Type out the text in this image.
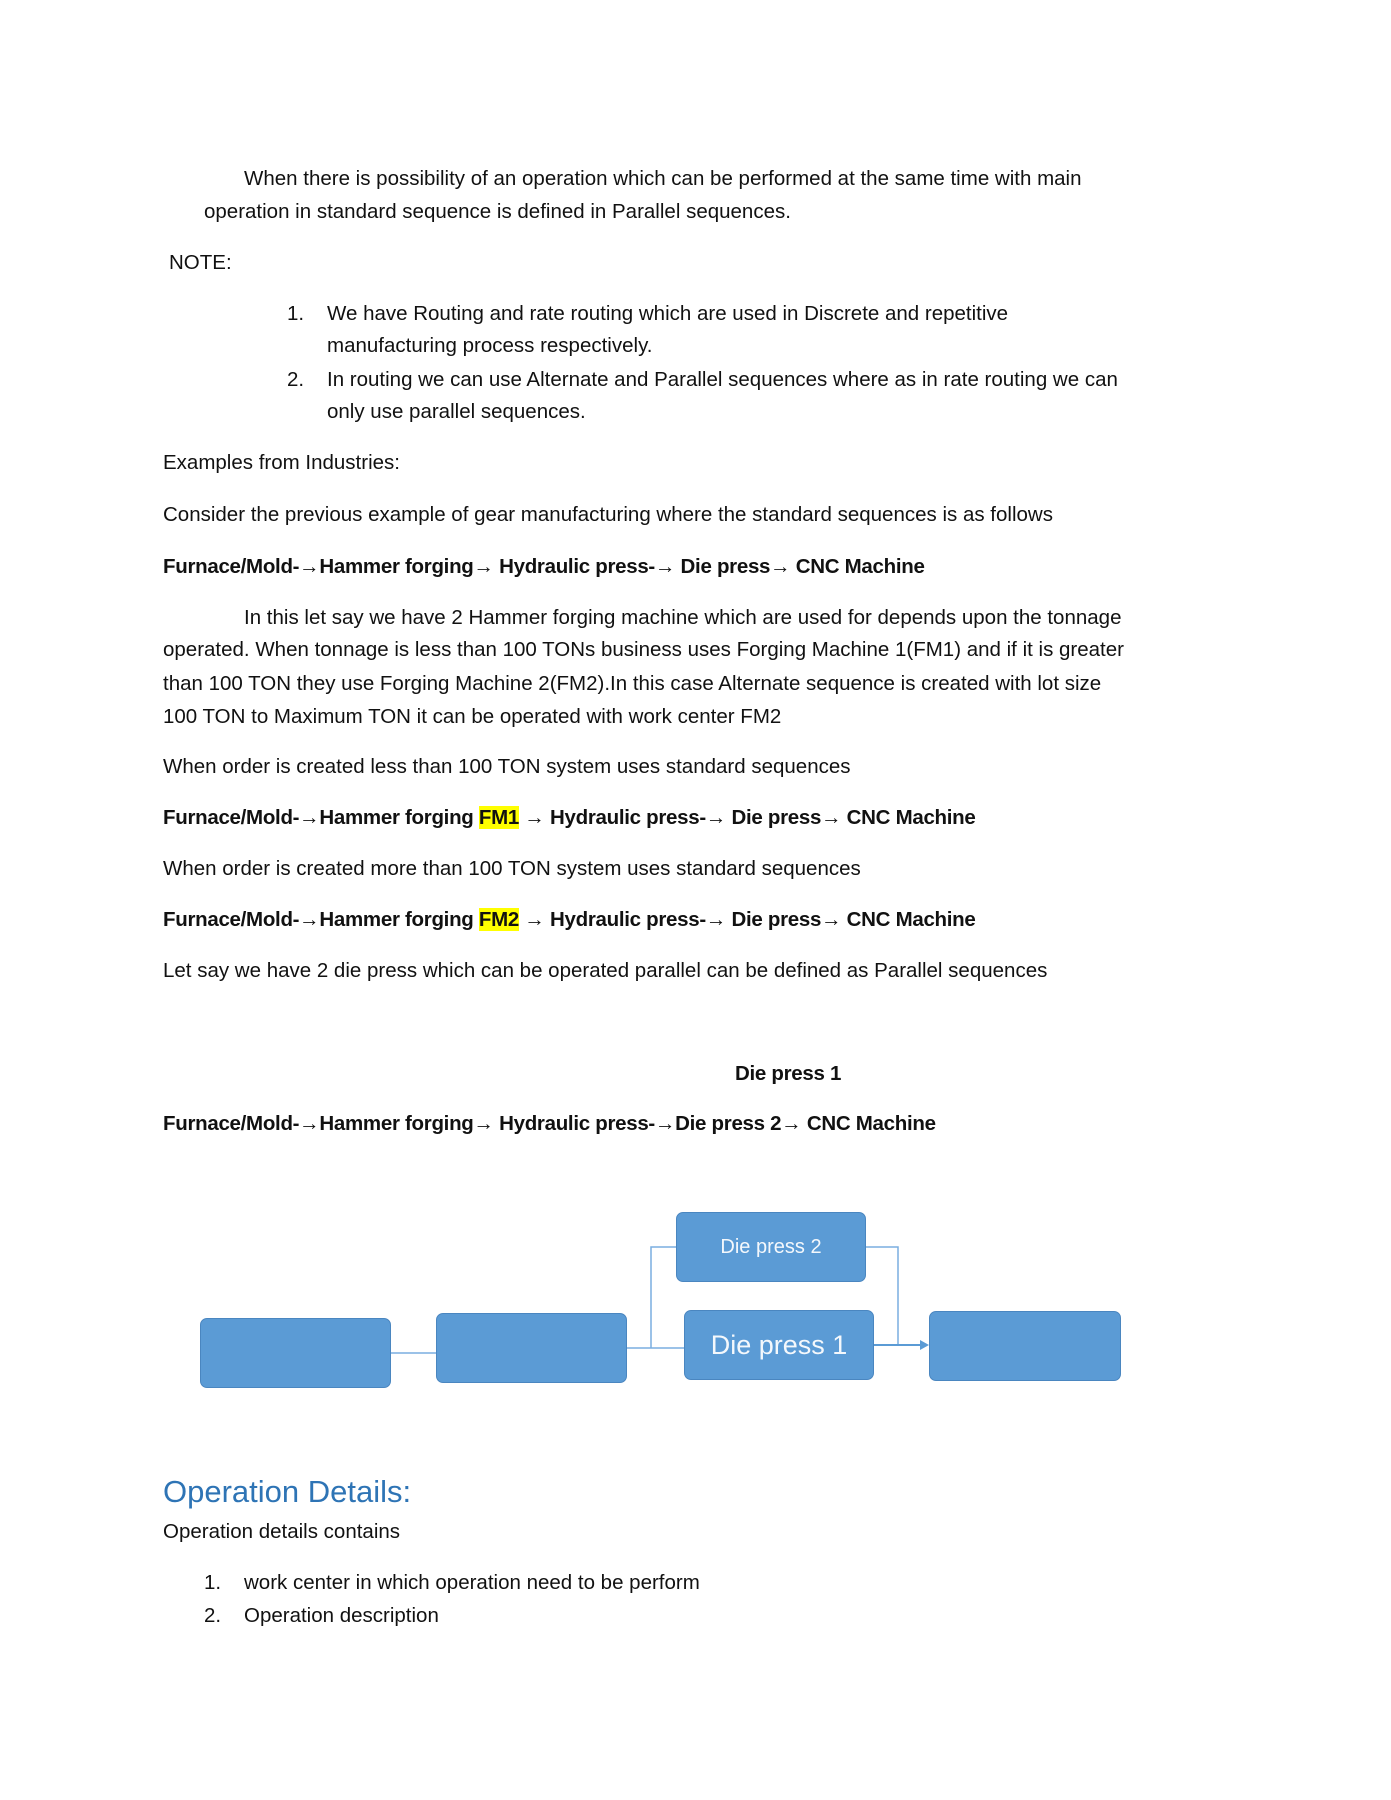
When there is possibility of an operation which can be performed at the same time with main
operation in standard sequence is defined in Parallel sequences.
NOTE:
1. We have Routing and rate routing which are used in Discrete and repetitive
manufacturing process respectively.
2. In routing we can use Alternate and Parallel sequences where as in rate routing we can
only use parallel sequences.
Examples from Industries:
Consider the previous example of gear manufacturing where the standard sequences is as follows
Furnace/Mold-→Hammer forging→ Hydraulic press-→ Die press→ CNC Machine
In this let say we have 2 Hammer forging machine which are used for depends upon the tonnage
operated. When tonnage is less than 100 TONs business uses Forging Machine 1(FM1) and if it is greater
than 100 TON they use Forging Machine 2(FM2).In this case Alternate sequence is created with lot size
100 TON to Maximum TON it can be operated with work center FM2
When order is created less than 100 TON system uses standard sequences
Furnace/Mold-→Hammer forging FM1 → Hydraulic press-→ Die press→ CNC Machine
When order is created more than 100 TON system uses standard sequences
Furnace/Mold-→Hammer forging FM2 → Hydraulic press-→ Die press→ CNC Machine
Let say we have 2 die press which can be operated parallel can be defined as Parallel sequences
Die press 1
Furnace/Mold-→Hammer forging→ Hydraulic press-→Die press 2→ CNC Machine
Die press 2
Die press 1
Operation Details:
Operation details contains
1. work center in which operation need to be perform
2. Operation description
